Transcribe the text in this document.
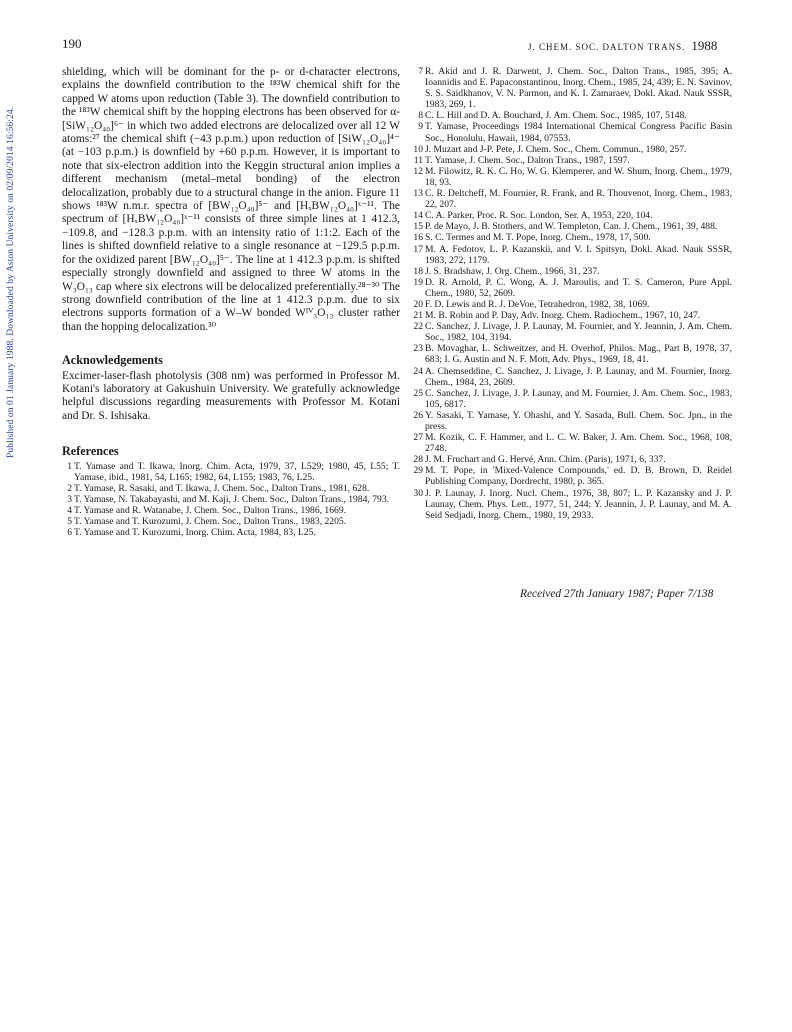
Published on 01 January 1988. Downloaded by Aston University on 02/09/2014 16:56:24.
190	J. CHEM. SOC. DALTON TRANS. 1988

shielding, which will be dominant for the p- or d-character electrons, explains the downfield contribution to the ¹⁸³W chemical shift for the capped W atoms upon reduction (Table 3). The downfield contribution to the ¹⁸³W chemical shift by the hopping electrons has been observed for α-[SiW₁₂O₄₀]⁶⁻ in which two added electrons are delocalized over all 12 W atoms:²⁷ the chemical shift (−43 p.p.m.) upon reduction of [SiW₁₂O₄₀]⁴⁻ (at −103 p.p.m.) is downfield by +60 p.p.m. However, it is important to note that six-electron addition into the Keggin structural anion implies a different mechanism (metal–metal bonding) of the electron delocalization, probably due to a structural change in the anion. Figure 11 shows ¹⁸³W n.m.r. spectra of [BW₁₂O₄₀]⁵⁻ and [HₓBW₁₂O₄₀]ˣ⁻¹¹. The spectrum of [HₓBW₁₂O₄₀]ˣ⁻¹¹ consists of three simple lines at 1 412.3, −109.8, and −128.3 p.p.m. with an intensity ratio of 1:1:2. Each of the lines is shifted downfield relative to a single resonance at −129.5 p.p.m. for the oxidized parent [BW₁₂O₄₀]⁵⁻. The line at 1 412.3 p.p.m. is shifted especially strongly downfield and assigned to three W atoms in the W₃O₁₃ cap where six electrons will be delocalized preferentially.²⁸⁻³⁰ The strong downfield contribution of the line at 1 412.3 p.p.m. due to six electrons supports formation of a W–W bonded Wᴵⱽ₃O₁₃ cluster rather than the hopping delocalization.³⁰

Acknowledgements

Excimer-laser-flash photolysis (308 nm) was performed in Professor M. Kotani's laboratory at Gakushuin University. We gratefully acknowledge helpful discussions regarding measurements with Professor M. Kotani and Dr. S. Ishisaka.

References
1 T. Yamase and T. Ikawa, Inorg. Chim. Acta, 1979, 37, L529; 1980, 45, L55; T. Yamase, ibid., 1981, 54, L165; 1982, 64, L155; 1983, 76, L25.
2 T. Yamase, R. Sasaki, and T. Ikawa, J. Chem. Soc., Dalton Trans., 1981, 628.
3 T. Yamase, N. Takabayashi, and M. Kaji, J. Chem. Soc., Dalton Trans., 1984, 793.
4 T. Yamase and R. Watanabe, J. Chem. Soc., Dalton Trans., 1986, 1669.
5 T. Yamase and T. Kurozumi, J. Chem. Soc., Dalton Trans., 1983, 2205.
6 T. Yamase and T. Kurozumi, Inorg. Chim. Acta, 1984, 83, L25.
7 R. Akid and J. R. Darwent, J. Chem. Soc., Dalton Trans., 1985, 395; A. Ioannidis and E. Papaconstantinou, Inorg. Chem., 1985, 24, 439; E. N. Savinov, S. S. Saidkhanov, V. N. Parmon, and K. I. Zamaraev, Dokl. Akad. Nauk SSSR, 1983, 269, 1.
8 C. L. Hill and D. A. Bouchard, J. Am. Chem. Soc., 1985, 107, 5148.
9 T. Yamase, Proceedings 1984 International Chemical Congress Pacific Basin Soc., Honolulu, Hawaii, 1984, 07553.
10 J. Muzart and J-P. Pete, J. Chem. Soc., Chem. Commun., 1980, 257.
11 T. Yamase, J. Chem. Soc., Dalton Trans., 1987, 1597.
12 M. Filowitz, R. K. C. Ho, W. G. Klemperer, and W. Shum, Inorg. Chem., 1979, 18, 93.
13 C. R. Deltcheff, M. Fournier, R. Frank, and R. Thouvenot, Inorg. Chem., 1983, 22, 207.
14 C. A. Parker, Proc. R. Soc. London, Ser. A, 1953, 220, 104.
15 P. de Mayo, J. B. Stothers, and W. Templeton, Can. J. Chem., 1961, 39, 488.
16 S. C. Termes and M. T. Pope, Inorg. Chem., 1978, 17, 500.
17 M. A. Fedotov, L. P. Kazanskii, and V. I. Spitsyn, Dokl. Akad. Nauk SSSR, 1983, 272, 1179.
18 J. S. Bradshaw, J. Org. Chem., 1966, 31, 237.
19 D. R. Arnold, P. C. Wong, A. J. Maroulis, and T. S. Cameron, Pure Appl. Chem., 1980, 52, 2609.
20 F. D. Lewis and R. J. DeVoe, Tetrahedron, 1982, 38, 1069.
21 M. B. Robin and P. Day, Adv. Inorg. Chem. Radiochem., 1967, 10, 247.
22 C. Sanchez, J. Livage, J. P. Launay, M. Fournier, and Y. Jeannin, J. Am. Chem. Soc., 1982, 104, 3194.
23 B. Movaghar, L. Schweitzer, and H. Overhof, Philos. Mag., Part B, 1978, 37, 683; I. G. Austin and N. F. Mott, Adv. Phys., 1969, 18, 41.
24 A. Chemseddine, C. Sanchez, J. Livage, J. P. Launay, and M. Fournier, Inorg. Chem., 1984, 23, 2609.
25 C. Sanchez, J. Livage, J. P. Launay, and M. Fournier, J. Am. Chem. Soc., 1983, 105, 6817.
26 Y. Sasaki, T. Yamase, Y. Ohashi, and Y. Sasada, Bull. Chem. Soc. Jpn., in the press.
27 M. Kozik, C. F. Hammer, and L. C. W. Baker, J. Am. Chem. Soc., 1968, 108, 2748.
28 J. M. Fruchart and G. Hervé, Ann. Chim. (Paris), 1971, 6, 337.
29 M. T. Pope, in 'Mixed-Valence Compounds,' ed. D. B. Brown, D. Reidel Publishing Company, Dordrecht, 1980, p. 365.
30 J. P. Launay, J. Inorg. Nucl. Chem., 1976, 38, 807; L. P. Kazansky and J. P. Launay, Chem. Phys. Lett., 1977, 51, 244; Y. Jeannin, J. P. Launay, and M. A. Seid Sedjadi, Inorg. Chem., 1980, 19, 2933.
Received 27th January 1987; Paper 7/138
